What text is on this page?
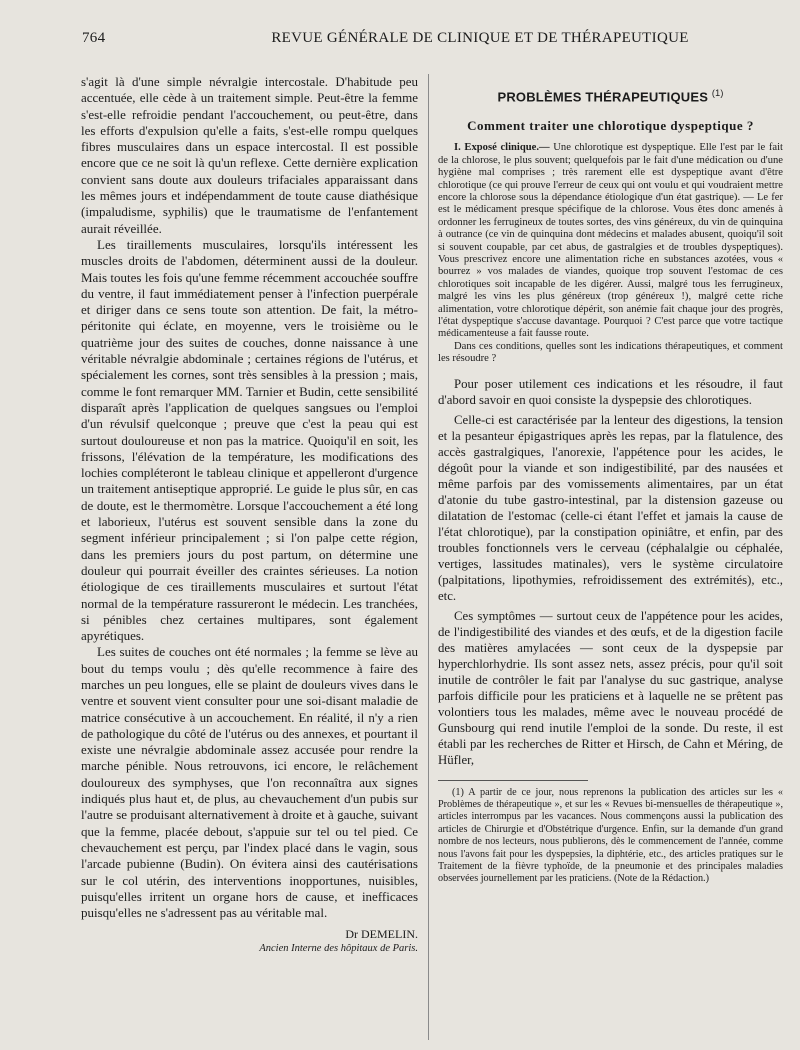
764	REVUE GÉNÉRALE DE CLINIQUE ET DE THÉRAPEUTIQUE

s'agit là d'une simple névralgie intercostale. D'habitude peu accentuée, elle cède à un traitement simple. Peut-être la femme s'est-elle refroidie pendant l'accouchement, ou peut-être, dans les efforts d'expulsion qu'elle a faits, s'est-elle rompu quelques fibres musculaires dans un espace intercostal. Il est possible encore que ce ne soit là qu'un reflexe. Cette dernière explication convient sans doute aux douleurs trifaciales apparaissant dans les mêmes jours et indépendamment de toute cause diathésique (impaludisme, syphilis) que le traumatisme de l'enfantement aurait réveillée.

Les tiraillements musculaires, lorsqu'ils intéressent les muscles droits de l'abdomen, déterminent aussi de la douleur. Mais toutes les fois qu'une femme récemment accouchée souffre du ventre, il faut immédiatement penser à l'infection puerpérale et diriger dans ce sens toute son attention. De fait, la métro-péritonite qui éclate, en moyenne, vers le troisième ou le quatrième jour des suites de couches, donne naissance à une véritable névralgie abdominale ; certaines régions de l'utérus, et spécialement les cornes, sont très sensibles à la pression ; mais, comme le font remarquer MM. Tarnier et Budin, cette sensibilité disparaît après l'application de quelques sangsues ou l'emploi d'un révulsif quelconque ; preuve que c'est la peau qui est surtout douloureuse et non pas la matrice. Quoiqu'il en soit, les frissons, l'élévation de la température, les modifications des lochies compléteront le tableau clinique et appelleront d'urgence un traitement antiseptique approprié. Le guide le plus sûr, en cas de doute, est le thermomètre. Lorsque l'accouchement a été long et laborieux, l'utérus est souvent sensible dans la zone du segment inférieur principalement ; si l'on palpe cette région, dans les premiers jours du post partum, on détermine une douleur qui pourrait éveiller des craintes sérieuses. La notion étiologique de ces tiraillements musculaires et surtout l'état normal de la température rassureront le médecin. Les tranchées, si pénibles chez certaines multipares, sont également apyrétiques.

Les suites de couches ont été normales ; la femme se lève au bout du temps voulu ; dès qu'elle recommence à faire des marches un peu longues, elle se plaint de douleurs vives dans le ventre et souvent vient consulter pour une soi-disant maladie de matrice consécutive à un accouchement. En réalité, il n'y a rien de pathologique du côté de l'utérus ou des annexes, et pourtant il existe une névralgie abdominale assez accusée pour rendre la marche pénible. Nous retrouvons, ici encore, le relâchement douloureux des symphyses, que l'on reconnaîtra aux signes indiqués plus haut et, de plus, au chevauchement d'un pubis sur l'autre se produisant alternativement à droite et à gauche, suivant que la femme, placée debout, s'appuie sur tel ou tel pied. Ce chevauchement est perçu, par l'index placé dans le vagin, sous l'arcade pubienne (Budin). On évitera ainsi des cautérisations sur le col utérin, des interventions inopportunes, nuisibles, puisqu'elles irritent un organe hors de cause, et inefficaces puisqu'elles ne s'adressent pas au véritable mal.

Dr DEMELIN.
Ancien Interne des hôpitaux de Paris.
PROBLÈMES THÉRAPEUTIQUES $^{(1)}$
Comment traiter une chlorotique dyspeptique ?

I. Exposé clinique.— Une chlorotique est dyspeptique. Elle l'est par le fait de la chlorose, le plus souvent; quelquefois par le fait d'une médication ou d'une hygiène mal comprises ; très rarement elle est dyspeptique avant d'être chlorotique (ce qui prouve l'erreur de ceux qui ont voulu et qui voudraient mettre encore la chlorose sous la dépendance étiologique d'un état gastrique). — Le fer est le médicament presque spécifique de la chlorose. Vous êtes donc amenés à ordonner les ferrugineux de toutes sortes, des vins généreux, du vin de quinquina à outrance (ce vin de quinquina dont médecins et malades abusent, quoiqu'il soit si souvent coupable, par cet abus, de gastralgies et de troubles dyspeptiques). Vous prescrivez encore une alimentation riche en substances azotées, vous « bourrez » vos malades de viandes, quoique trop souvent l'estomac de ces chlorotiques soit incapable de les digérer. Aussi, malgré tous les ferrugineux, malgré les vins les plus généreux (trop généreux !), malgré cette riche alimentation, votre chlorotique dépérit, son anémie fait chaque jour des progrès, l'état dyspeptique s'accuse davantage. Pourquoi ? C'est parce que votre tactique médicamenteuse a fait fausse route.

Dans ces conditions, quelles sont les indications thérapeutiques, et comment les résoudre ?

Pour poser utilement ces indications et les résoudre, il faut d'abord savoir en quoi consiste la dyspepsie des chlorotiques.

Celle-ci est caractérisée par la lenteur des digestions, la tension et la pesanteur épigastriques après les repas, par la flatulence, des accès gastralgiques, l'anorexie, l'appétence pour les acides, le dégoût pour la viande et son indigestibilité, par des nausées et même parfois par des vomissements alimentaires, par un état d'atonie du tube gastro-intestinal, par la distension gazeuse ou dilatation de l'estomac (celle-ci étant l'effet et jamais la cause de l'état chlorotique), par la constipation opiniâtre, et enfin, par des troubles fonctionnels vers le cerveau (céphalalgie ou céphalée, vertiges, lassitudes matinales), vers le système circulatoire (palpitations, lipothymies, refroidissement des extrémités), etc., etc.

Ces symptômes — surtout ceux de l'appétence pour les acides, de l'indigestibilité des viandes et des œufs, et de la digestion facile des matières amylacées — sont ceux de la dyspepsie par hyperchlorhydrie. Ils sont assez nets, assez précis, pour qu'il soit inutile de contrôler le fait par l'analyse du suc gastrique, analyse parfois difficile pour les praticiens et à laquelle ne se prêtent pas volontiers tous les malades, même avec le nouveau procédé de Gunsbourg qui rend inutile l'emploi de la sonde. Du reste, il est établi par les recherches de Ritter et Hirsch, de Cahn et Méring, de Hüfler,

(1) A partir de ce jour, nous reprenons la publication des articles sur les « Problèmes de thérapeutique », et sur les « Revues bi-mensuelles de thérapeutique », articles interrompus par les vacances. Nous commençons aussi la publication des articles de Chirurgie et d'Obstétrique d'urgence. Enfin, sur la demande d'un grand nombre de nos lecteurs, nous publierons, dès le commencement de l'année, comme nous l'avons fait pour les dyspepsies, la diphtérie, etc., des articles pratiques sur le Traitement de la fièvre typhoïde, de la pneumonie et des principales maladies observées journellement par les praticiens. (Note de la Rédaction.)
